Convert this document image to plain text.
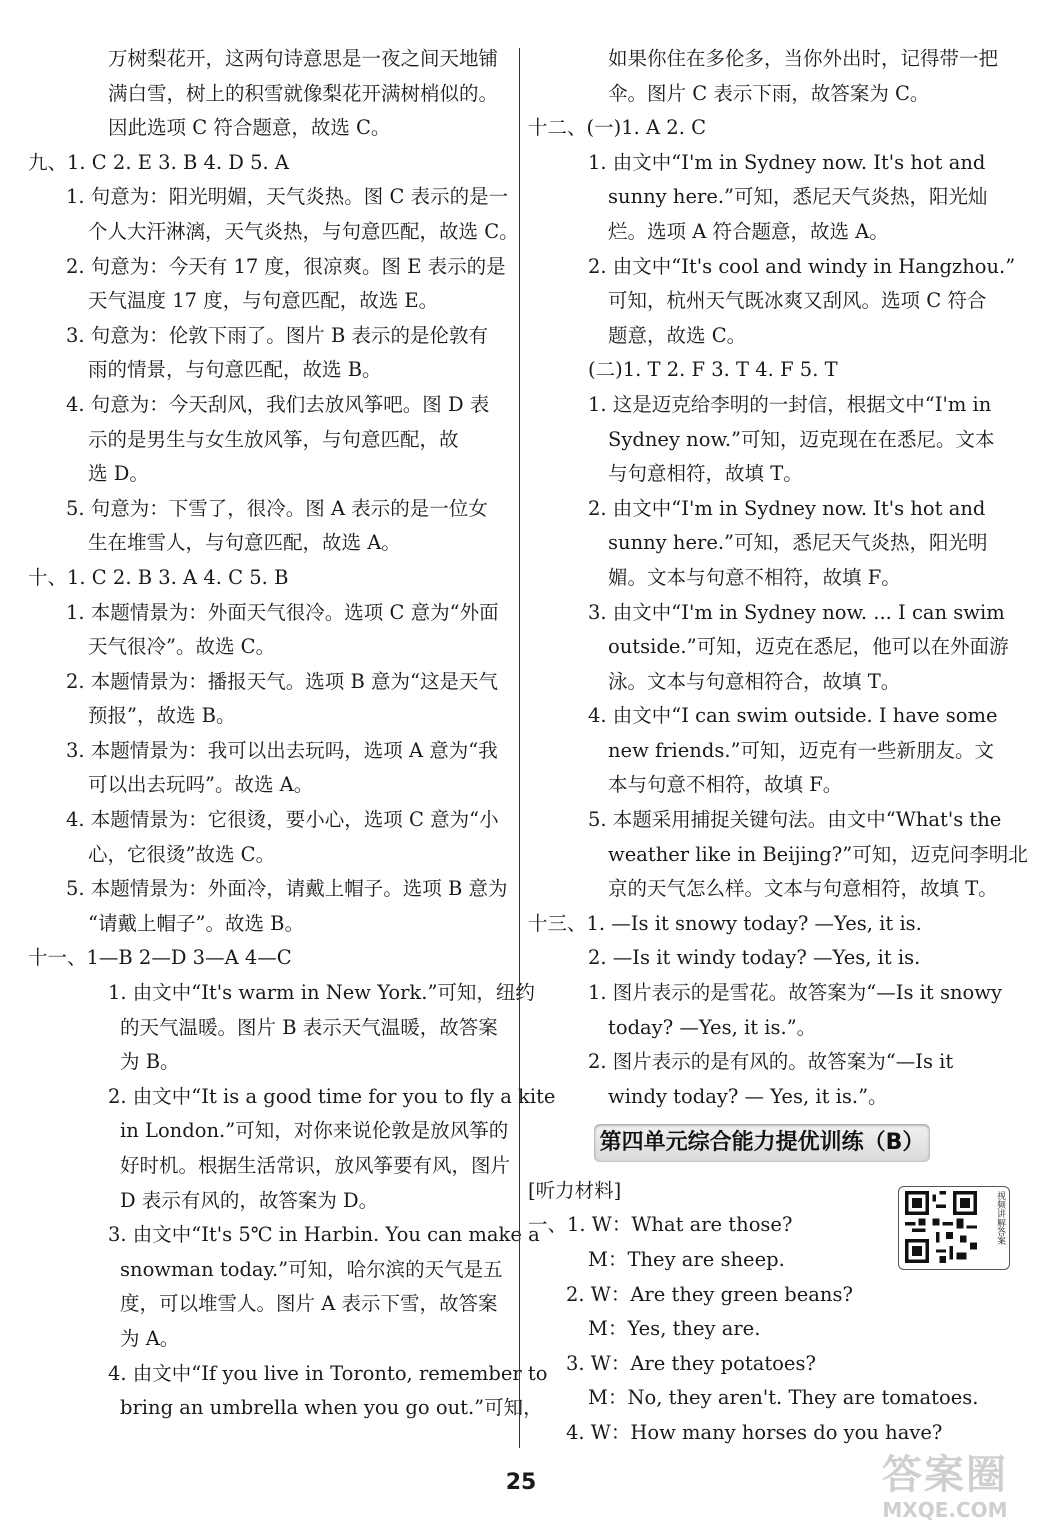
万树梨花开，这两句诗意思是一夜之间天地铺
满白雪，树上的积雪就像梨花开满树梢似的。
因此选项 C 符合题意，故选 C。
九、1. C 2. E 3. B 4. D 5. A
1. 句意为：阳光明媚，天气炎热。图 C 表示的是一
个人大汗淋漓，天气炎热，与句意匹配，故选 C。
2. 句意为：今天有 17 度，很凉爽。图 E 表示的是
天气温度 17 度，与句意匹配，故选 E。
3. 句意为：伦敦下雨了。图片 B 表示的是伦敦有
雨的情景，与句意匹配，故选 B。
4. 句意为：今天刮风，我们去放风筝吧。图 D 表
示的是男生与女生放风筝，与句意匹配，故
选 D。
5. 句意为：下雪了，很冷。图 A 表示的是一位女
生在堆雪人，与句意匹配，故选 A。
十、1. C 2. B 3. A 4. C 5. B
1. 本题情景为：外面天气很冷。选项 C 意为“外面
天气很冷”。故选 C。
2. 本题情景为：播报天气。选项 B 意为“这是天气
预报”，故选 B。
3. 本题情景为：我可以出去玩吗，选项 A 意为“我
可以出去玩吗”。故选 A。
4. 本题情景为：它很烫，要小心，选项 C 意为“小
心，它很烫”故选 C。
5. 本题情景为：外面冷，请戴上帽子。选项 B 意为
“请戴上帽子”。故选 B。
十一、1—B 2—D 3—A 4—C
1. 由文中“It's warm in New York.”可知，纽约
的天气温暖。图片 B 表示天气温暖，故答案
为 B。
2. 由文中“It is a good time for you to fly a kite
in London.”可知，对你来说伦敦是放风筝的
好时机。根据生活常识，放风筝要有风，图片
D 表示有风的，故答案为 D。
3. 由文中“It's 5℃ in Harbin. You can make a
snowman today.”可知，哈尔滨的天气是五
度，可以堆雪人。图片 A 表示下雪，故答案
为 A。
4. 由文中“If you live in Toronto, remember to
bring an umbrella when you go out.”可知，
如果你住在多伦多，当你外出时，记得带一把
伞。图片 C 表示下雨，故答案为 C。
十二、(一)1. A 2. C
1. 由文中“I'm in Sydney now. It's hot and
sunny here.”可知，悉尼天气炎热，阳光灿
烂。选项 A 符合题意，故选 A。
2. 由文中“It's cool and windy in Hangzhou.”
可知，杭州天气既冰爽又刮风。选项 C 符合
题意，故选 C。
(二)1. T 2. F 3. T 4. F 5. T
1. 这是迈克给李明的一封信，根据文中“I'm in
Sydney now.”可知，迈克现在在悉尼。文本
与句意相符，故填 T。
2. 由文中“I'm in Sydney now. It's hot and
sunny here.”可知，悉尼天气炎热，阳光明
媚。文本与句意不相符，故填 F。
3. 由文中“I'm in Sydney now. ... I can swim
outside.”可知，迈克在悉尼，他可以在外面游
泳。文本与句意相符合，故填 T。
4. 由文中“I can swim outside. I have some
new friends.”可知，迈克有一些新朋友。文
本与句意不相符，故填 F。
5. 本题采用捕捉关键句法。由文中“What's the
weather like in Beijing?”可知，迈克问李明北
京的天气怎么样。文本与句意相符，故填 T。
十三、1. —Is it snowy today? —Yes, it is.
2. —Is it windy today? —Yes, it is.
1. 图片表示的是雪花。故答案为“—Is it snowy
today? —Yes, it is.”。
2. 图片表示的是有风的。故答案为“—Is it
windy today? — Yes, it is.”。
第四单元综合能力提优训练（B）
[听力材料]
一、1. W：What are those?
M：They are sheep.
2. W：Are they green beans?
M：Yes, they are.
3. W：Are they potatoes?
M：No, they aren't. They are tomatoes.
4. W：How many horses do you have?
视频讲解答案
25	答案圈
MXQE.COM
